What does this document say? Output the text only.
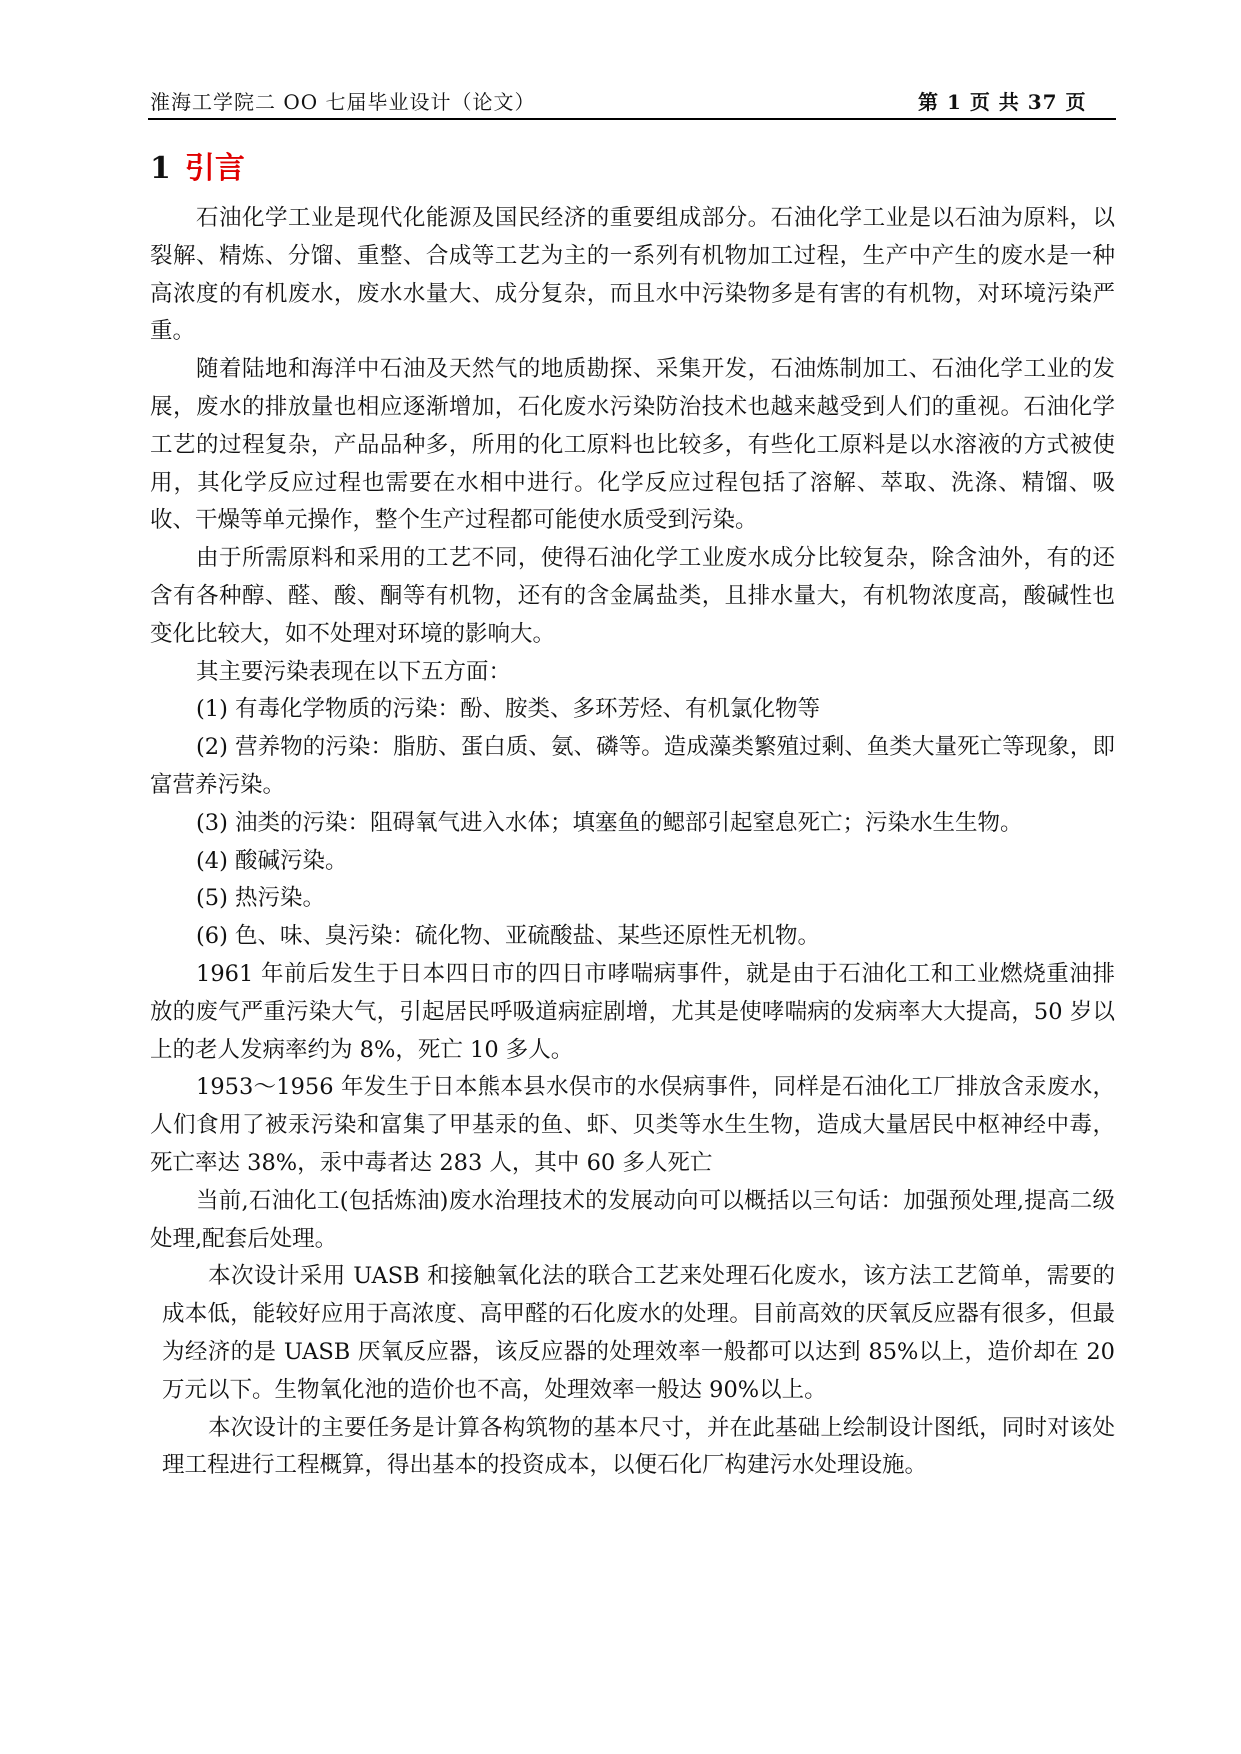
淮海工学院二 OO 七届毕业设计（论文）	第 1 页 共 37 页
1 引言

石油化学工业是现代化能源及国民经济的重要组成部分。石油化学工业是以石油为原料，以裂解、精炼、分馏、重整、合成等工艺为主的一系列有机物加工过程，生产中产生的废水是一种高浓度的有机废水，废水水量大、成分复杂，而且水中污染物多是有害的有机物，对环境污染严重。

随着陆地和海洋中石油及天然气的地质勘探、采集开发，石油炼制加工、石油化学工业的发展，废水的排放量也相应逐渐增加，石化废水污染防治技术也越来越受到人们的重视。石油化学工艺的过程复杂，产品品种多，所用的化工原料也比较多，有些化工原料是以水溶液的方式被使用，其化学反应过程也需要在水相中进行。化学反应过程包括了溶解、萃取、洗涤、精馏、吸收、干燥等单元操作，整个生产过程都可能使水质受到污染。

由于所需原料和采用的工艺不同，使得石油化学工业废水成分比较复杂，除含油外，有的还含有各种醇、醛、酸、酮等有机物，还有的含金属盐类，且排水量大，有机物浓度高，酸碱性也变化比较大，如不处理对环境的影响大。

其主要污染表现在以下五方面：

(1) 有毒化学物质的污染：酚、胺类、多环芳烃、有机氯化物等

(2) 营养物的污染：脂肪、蛋白质、氨、磷等。造成藻类繁殖过剩、鱼类大量死亡等现象，即富营养污染。

(3) 油类的污染：阻碍氧气进入水体；填塞鱼的鳃部引起窒息死亡；污染水生生物。

(4) 酸碱污染。

(5) 热污染。

(6) 色、味、臭污染：硫化物、亚硫酸盐、某些还原性无机物。

1961 年前后发生于日本四日市的四日市哮喘病事件，就是由于石油化工和工业燃烧重油排放的废气严重污染大气，引起居民呼吸道病症剧增，尤其是使哮喘病的发病率大大提高，50 岁以上的老人发病率约为 8%，死亡 10 多人。

1953～1956 年发生于日本熊本县水俣市的水俣病事件，同样是石油化工厂排放含汞废水，人们食用了被汞污染和富集了甲基汞的鱼、虾、贝类等水生生物，造成大量居民中枢神经中毒，死亡率达 38%，汞中毒者达 283 人，其中 60 多人死亡

当前,石油化工(包括炼油)废水治理技术的发展动向可以概括以三句话：加强预处理,提高二级处理,配套后处理。

本次设计采用 UASB 和接触氧化法的联合工艺来处理石化废水，该方法工艺简单，需要的成本低，能较好应用于高浓度、高甲醛的石化废水的处理。目前高效的厌氧反应器有很多，但最为经济的是 UASB 厌氧反应器，该反应器的处理效率一般都可以达到 85%以上，造价却在 20 万元以下。生物氧化池的造价也不高，处理效率一般达 90%以上。

本次设计的主要任务是计算各构筑物的基本尺寸，并在此基础上绘制设计图纸，同时对该处理工程进行工程概算，得出基本的投资成本，以便石化厂构建污水处理设施。
